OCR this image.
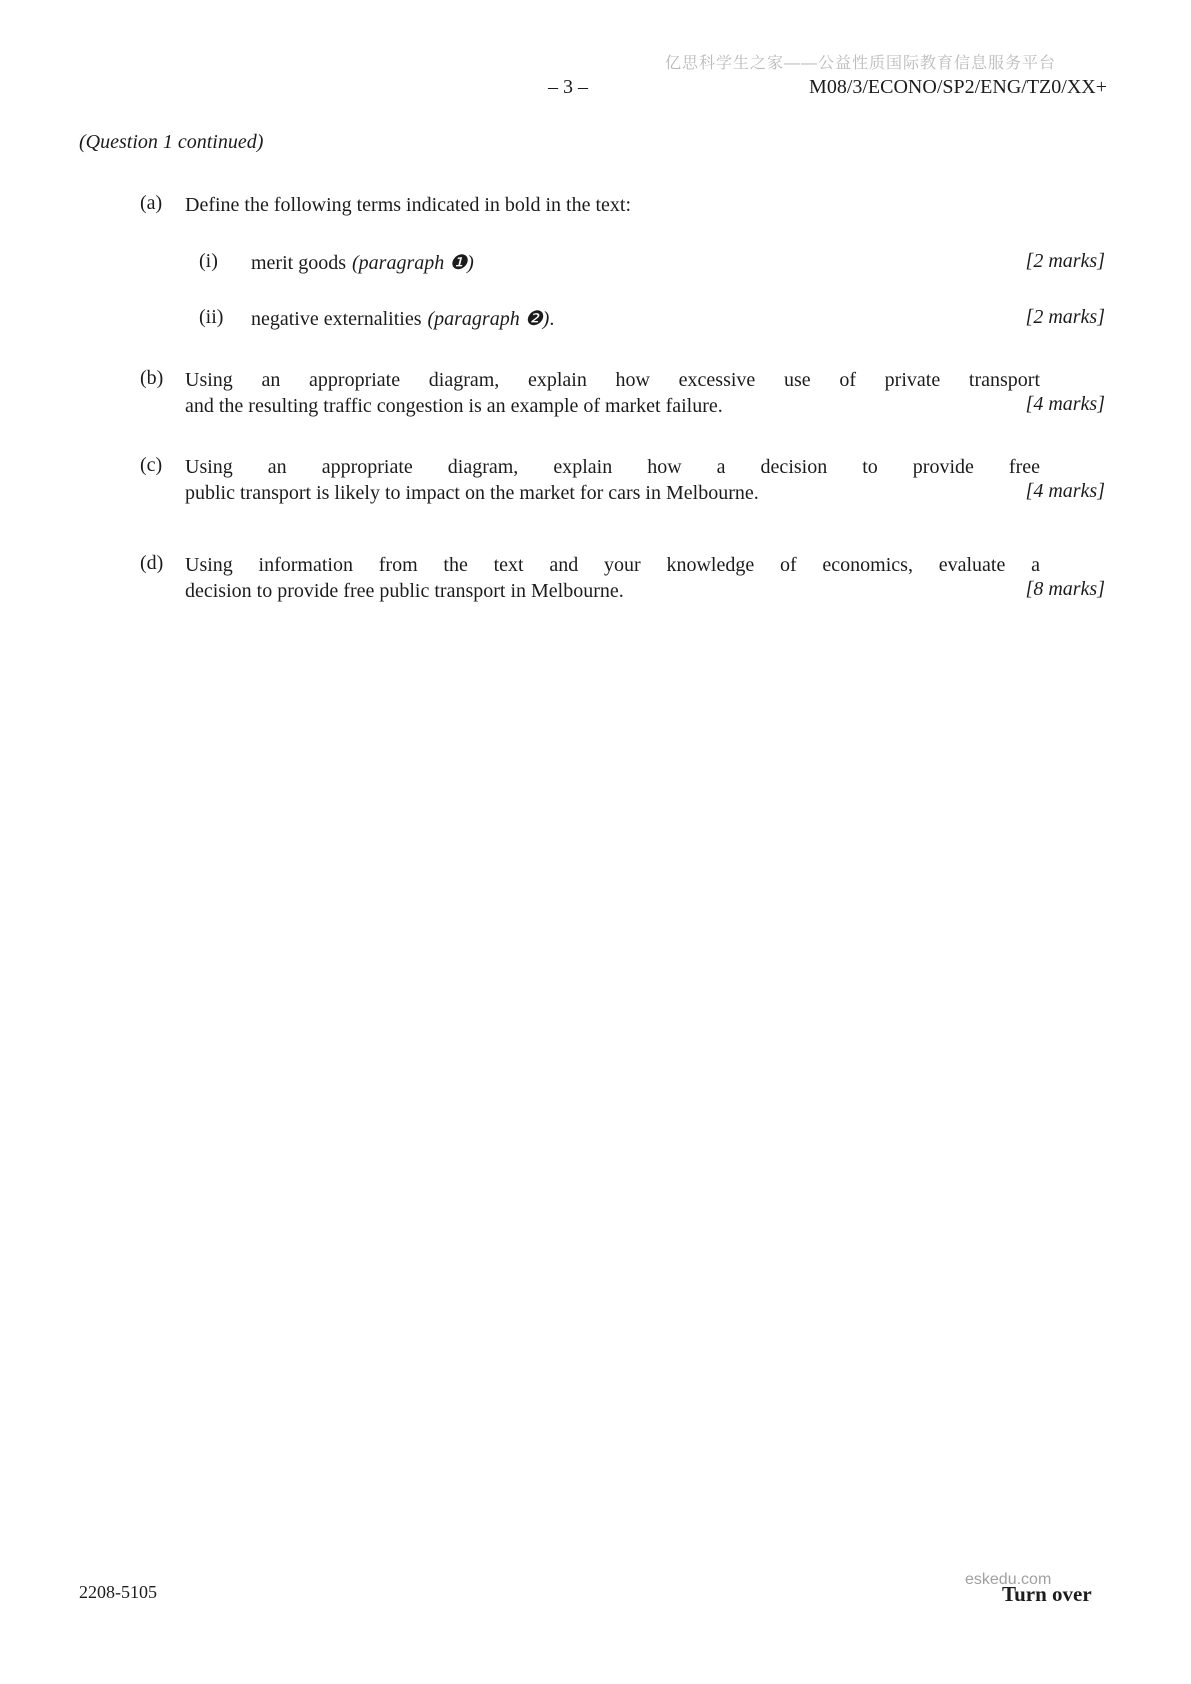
亿思科学生之家——公益性质国际教育信息服务平台
– 3 –	M08/3/ECONO/SP2/ENG/TZ0/XX+
(Question 1 continued)
(a) Define the following terms indicated in bold in the text:
(i) merit goods (paragraph ❶)	[2 marks]
(ii) negative externalities (paragraph ❷).	[2 marks]
(b) Using an appropriate diagram, explain how excessive use of private transport
and the resulting traffic congestion is an example of market failure.	[4 marks]
(c) Using an appropriate diagram, explain how a decision to provide free
public transport is likely to impact on the market for cars in Melbourne.	[4 marks]
(d) Using information from the text and your knowledge of economics, evaluate a
decision to provide free public transport in Melbourne.	[8 marks]
2208-5105
eskedu.com
Turn over
